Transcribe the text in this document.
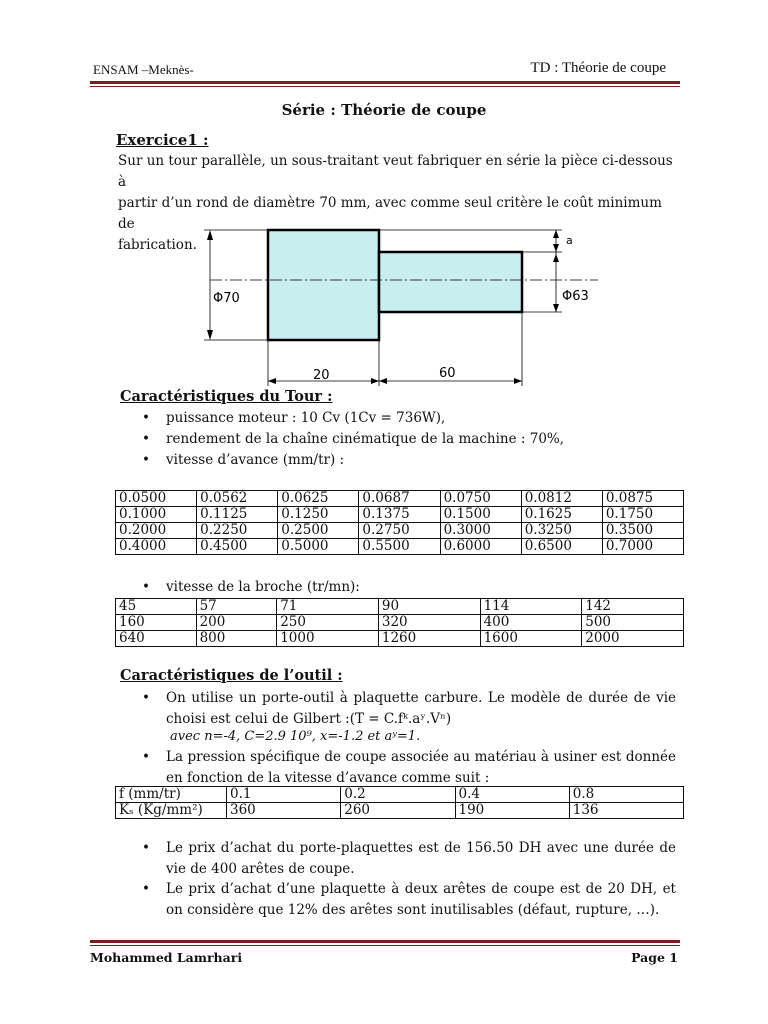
ENSAM –Meknès-	TD : Théorie de coupe
Série : Théorie de coupe
Exercice1 :
Sur un tour parallèle, un sous-traitant veut fabriquer en série la pièce ci-dessous à
partir d’un rond de diamètre 70 mm, avec comme seul critère le coût minimum de
fabrication.
Φ70
a
Φ63
20	60
Caractéristiques du Tour :
• puissance moteur : 10 Cv (1Cv = 736W),
• rendement de la chaîne cinématique de la machine : 70%,
• vitesse d’avance (mm/tr) :
0.0500	0.0562	0.0625	0.0687	0.0750	0.0812	0.0875
0.1000	0.1125	0.1250	0.1375	0.1500	0.1625	0.1750
0.2000	0.2250	0.2500	0.2750	0.3000	0.3250	0.3500
0.4000	0.4500	0.5000	0.5500	0.6000	0.6500	0.7000
• vitesse de la broche (tr/mn):
45	57	71	90	114	142
160	200	250	320	400	500
640	800	1000	1260	1600	2000
Caractéristiques de l’outil :
• On utilise un porte-outil à plaquette carbure. Le modèle de durée de vie choisi est celui de Gilbert :(T = C.fᵏ.aʸ.Vⁿ)
avec n=-4, C=2.9 10⁹, x=-1.2 et aʸ=1.
• La pression spécifique de coupe associée au matériau à usiner est donnée en fonction de la vitesse d’avance comme suit :
f (mm/tr)	0.1	0.2	0.4	0.8
Kₛ (Kg/mm²)	360	260	190	136
• Le prix d’achat du porte-plaquettes est de 156.50 DH avec une durée de vie de 400 arêtes de coupe.
• Le prix d’achat d’une plaquette à deux arêtes de coupe est de 20 DH, et on considère que 12% des arêtes sont inutilisables (défaut, rupture, …).
Mohammed Lamrhari	Page 1
